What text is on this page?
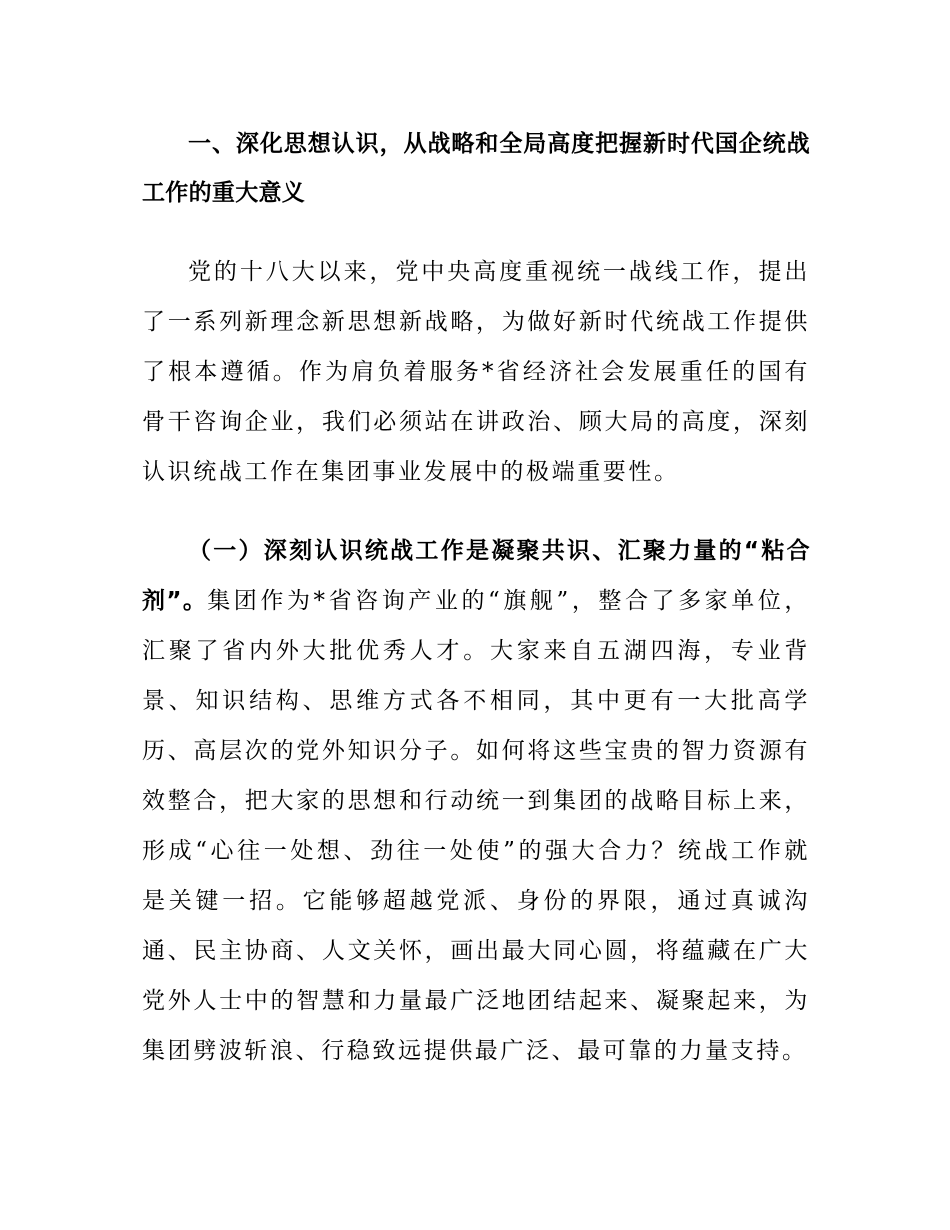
一、深化思想认识，从战略和全局高度把握新时代国企统战工作的重大意义

党的十八大以来，党中央高度重视统一战线工作，提出了一系列新理念新思想新战略，为做好新时代统战工作提供了根本遵循。作为肩负着服务*省经济社会发展重任的国有骨干咨询企业，我们必须站在讲政治、顾大局的高度，深刻认识统战工作在集团事业发展中的极端重要性。

（一）深刻认识统战工作是凝聚共识、汇聚力量的“粘合剂”。集团作为*省咨询产业的“旗舰”，整合了多家单位，汇聚了省内外大批优秀人才。大家来自五湖四海，专业背景、知识结构、思维方式各不相同，其中更有一大批高学历、高层次的党外知识分子。如何将这些宝贵的智力资源有效整合，把大家的思想和行动统一到集团的战略目标上来，形成“心往一处想、劲往一处使”的强大合力？统战工作就是关键一招。它能够超越党派、身份的界限，通过真诚沟通、民主协商、人文关怀，画出最大同心圆，将蕴藏在广大党外人士中的智慧和力量最广泛地团结起来、凝聚起来，为集团劈波斩浪、行稳致远提供最广泛、最可靠的力量支持。
